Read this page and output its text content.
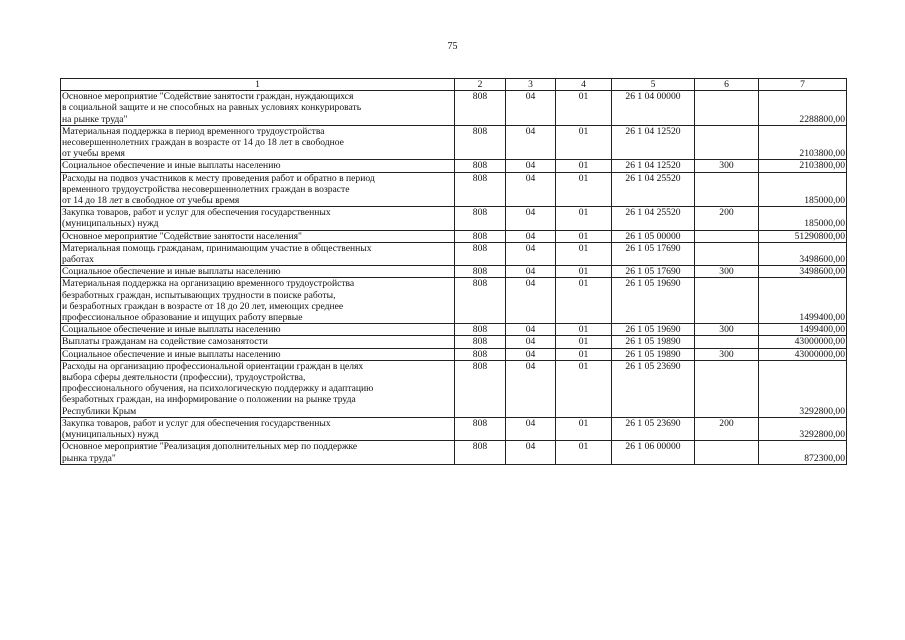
75
1	2	3	4	5	6	7
Основное мероприятие "Содействие занятости граждан, нуждающихся
в социальной защите и не способных на равных условиях конкурировать
на рынке труда"	808	04	01	26 1 04 00000		2288800,00
Материальная поддержка в период временного трудоустройства
несовершеннолетних граждан в возрасте от 14 до 18 лет в свободное
от учебы время	808	04	01	26 1 04 12520		2103800,00
Социальное обеспечение и иные выплаты населению	808	04	01	26 1 04 12520	300	2103800,00
Расходы на подвоз участников к месту проведения работ и обратно в период
временного трудоустройства несовершеннолетних граждан в возрасте
от 14 до 18 лет в свободное от учебы время	808	04	01	26 1 04 25520		185000,00
Закупка товаров, работ и услуг для обеспечения государственных
(муниципальных) нужд	808	04	01	26 1 04 25520	200	185000,00
Основное мероприятие "Содействие занятости населения"	808	04	01	26 1 05 00000		51290800,00
Материальная помощь гражданам, принимающим участие в общественных
работах	808	04	01	26 1 05 17690		3498600,00
Социальное обеспечение и иные выплаты населению	808	04	01	26 1 05 17690	300	3498600,00
Материальная поддержка на организацию временного трудоустройства
безработных граждан, испытывающих трудности в поиске работы,
и безработных граждан в возрасте от 18 до 20 лет, имеющих среднее
профессиональное образование и ищущих работу впервые	808	04	01	26 1 05 19690		1499400,00
Социальное обеспечение и иные выплаты населению	808	04	01	26 1 05 19690	300	1499400,00
Выплаты гражданам на содействие самозанятости	808	04	01	26 1 05 19890		43000000,00
Социальное обеспечение и иные выплаты населению	808	04	01	26 1 05 19890	300	43000000,00
Расходы на организацию профессиональной ориентации граждан в целях
выбора сферы деятельности (профессии), трудоустройства,
профессионального обучения, на психологическую поддержку и адаптацию
безработных граждан, на информирование о положении на рынке труда
Республики Крым	808	04	01	26 1 05 23690		3292800,00
Закупка товаров, работ и услуг для обеспечения государственных
(муниципальных) нужд	808	04	01	26 1 05 23690	200	3292800,00
Основное мероприятие "Реализация дополнительных мер по поддержке
рынка труда"	808	04	01	26 1 06 00000		872300,00
